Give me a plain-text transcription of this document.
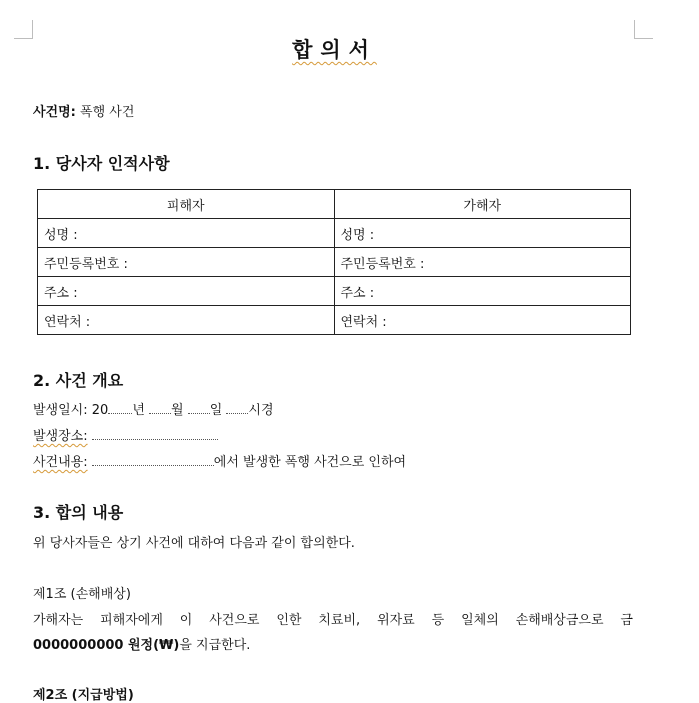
합의서
사건명: 폭행 사건
1. 당사자 인적사항
피해자	가해자
성명 :	성명 :
주민등록번호 :	주민등록번호 :
주소 :	주소 :
연락처 :	연락처 :
2. 사건 개요
발생일시: 20 년 월 일 시경
발생장소:
사건내용:	에서 발생한 폭행 사건으로 인하여
3. 합의 내용
위 당사자들은 상기 사건에 대하여 다음과 같이 합의한다.
제1조 (손해배상)
가해자는 피해자에게 이 사건으로 인한 치료비, 위자료 등 일체의 손해배상금으로 금
0000000000 원정(₩)을 지급한다.
제2조 (지급방법)
